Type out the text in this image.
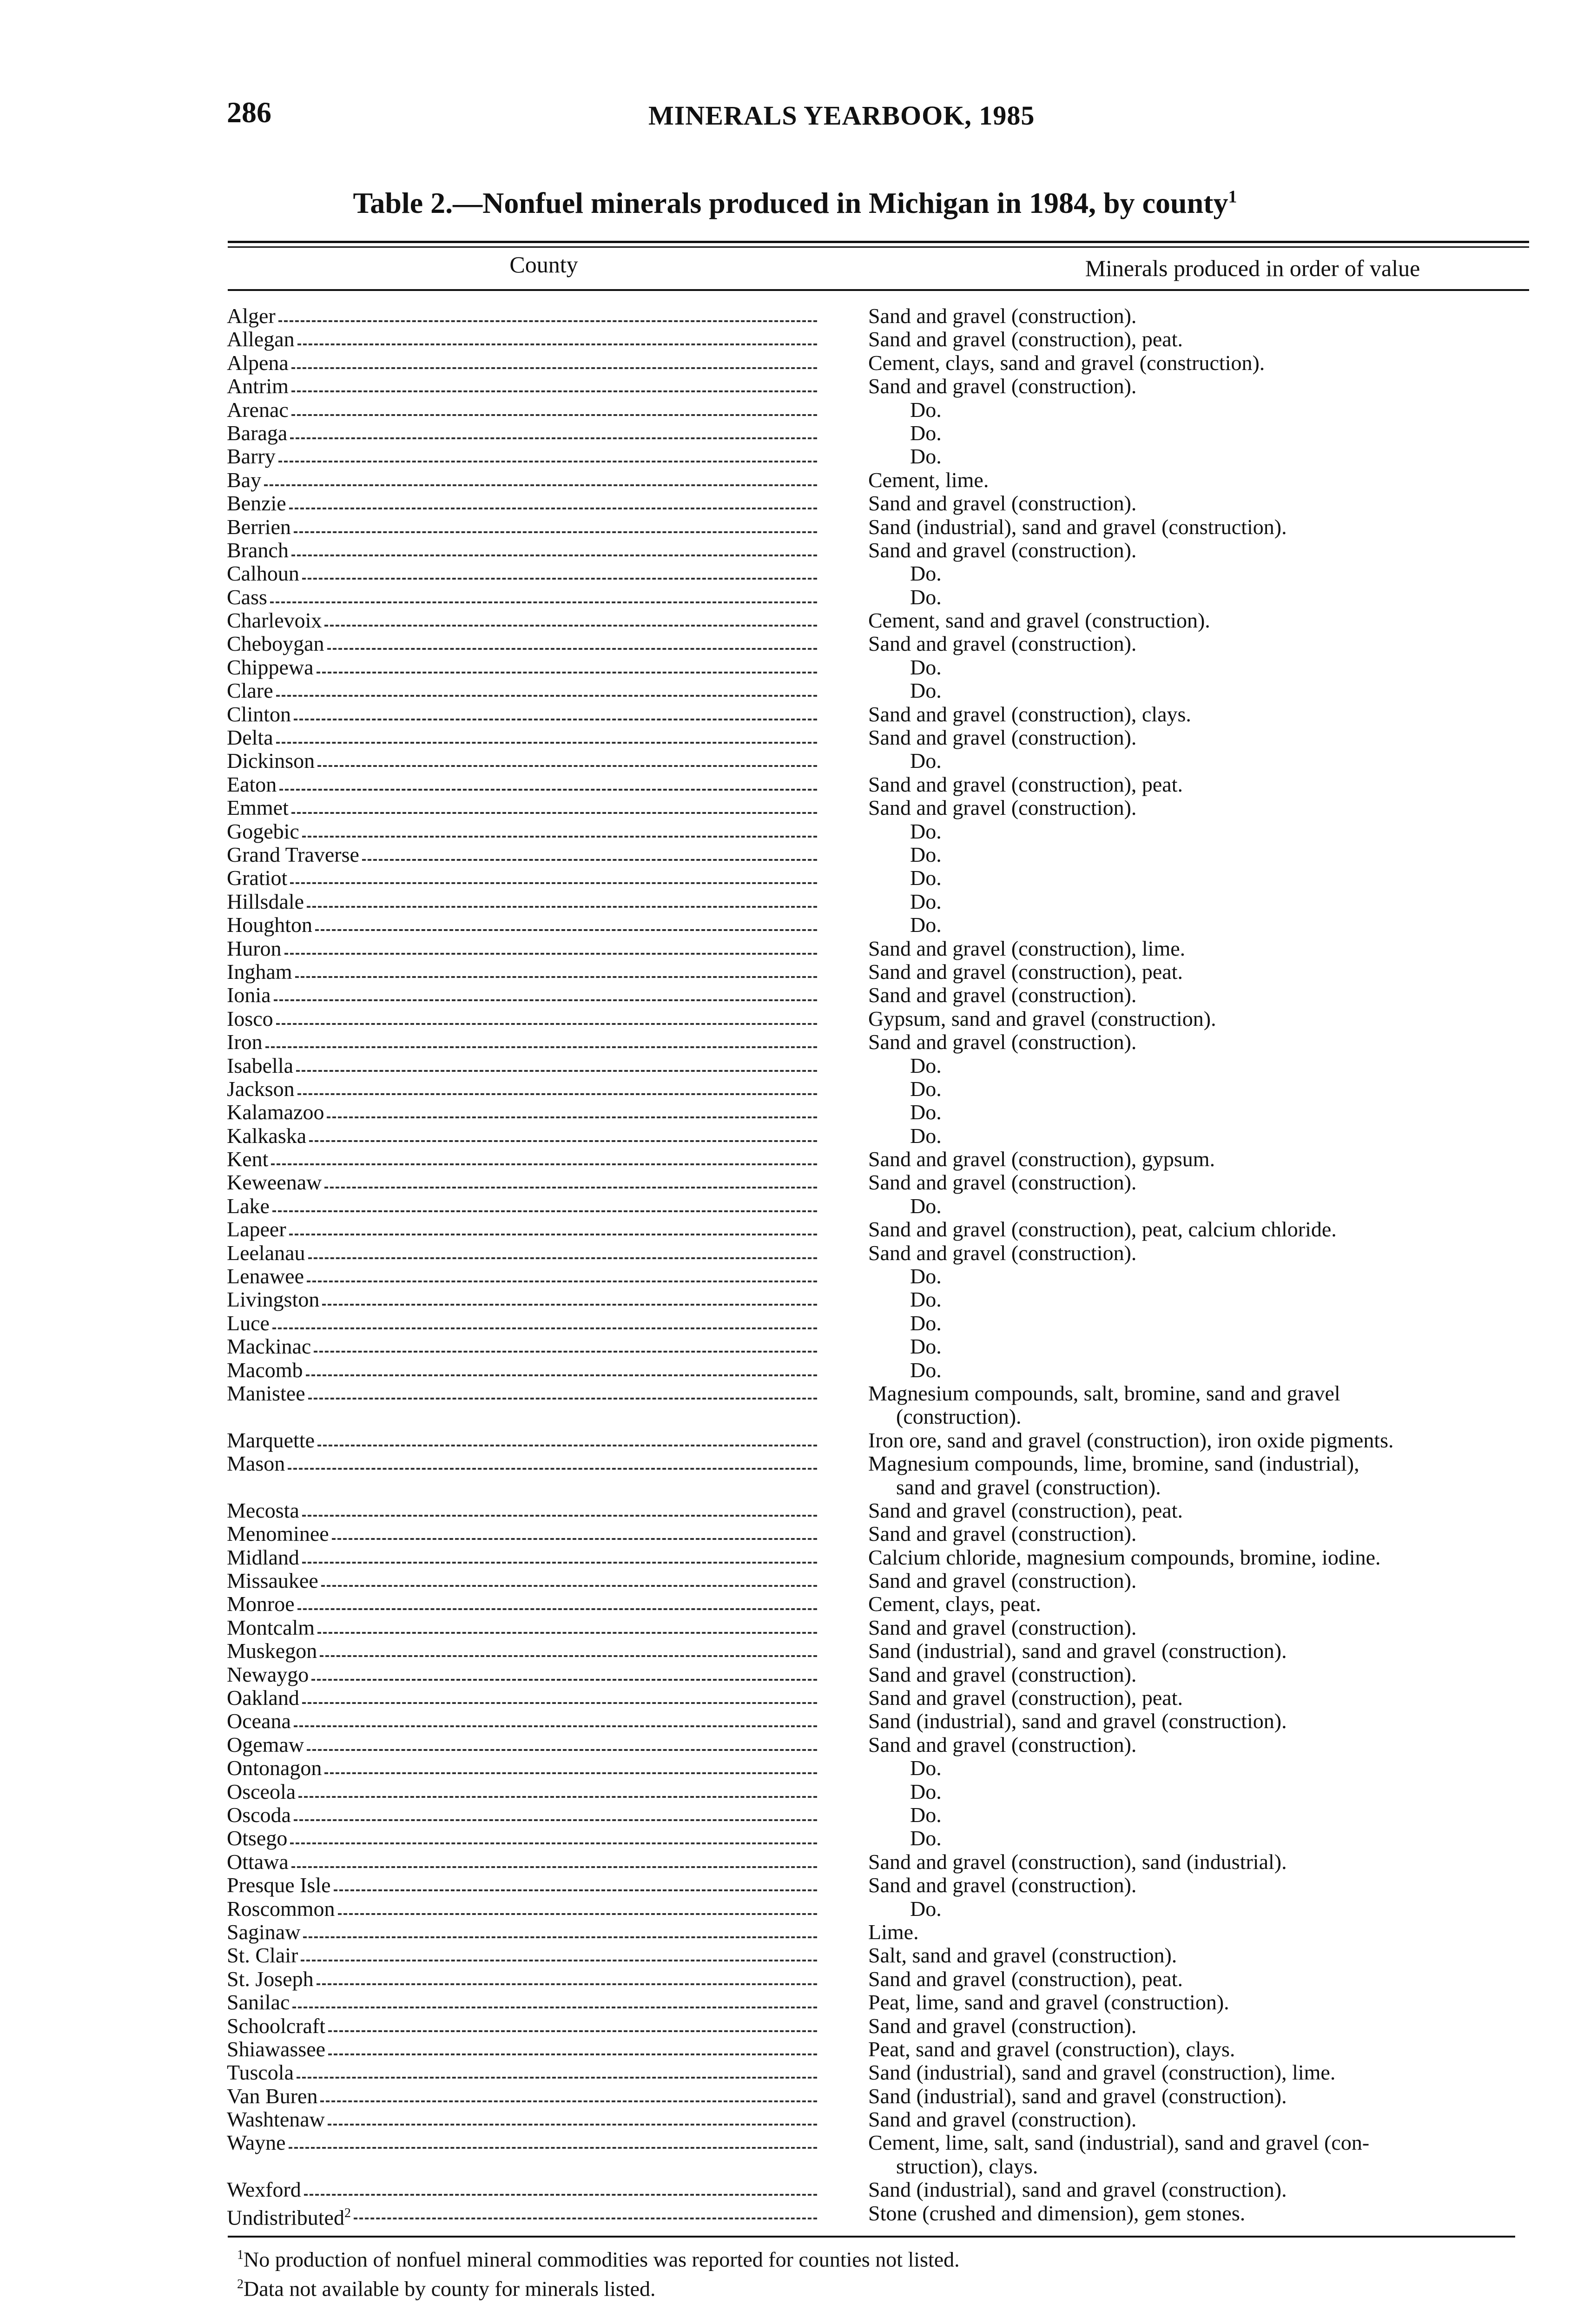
286	MINERALS YEARBOOK, 1985
Table 2.—Nonfuel minerals produced in Michigan in 1984, by county$^1$
County	Minerals produced in order of value
Alger	Sand and gravel (construction).
Allegan	Sand and gravel (construction), peat.
Alpena	Cement, clays, sand and gravel (construction).
Antrim	Sand and gravel (construction).
Arenac	Do.
Baraga	Do.
Barry	Do.
Bay	Cement, lime.
Benzie	Sand and gravel (construction).
Berrien	Sand (industrial), sand and gravel (construction).
Branch	Sand and gravel (construction).
Calhoun	Do.
Cass	Do.
Charlevoix	Cement, sand and gravel (construction).
Cheboygan	Sand and gravel (construction).
Chippewa	Do.
Clare	Do.
Clinton	Sand and gravel (construction), clays.
Delta	Sand and gravel (construction).
Dickinson	Do.
Eaton	Sand and gravel (construction), peat.
Emmet	Sand and gravel (construction).
Gogebic	Do.
Grand Traverse	Do.
Gratiot	Do.
Hillsdale	Do.
Houghton	Do.
Huron	Sand and gravel (construction), lime.
Ingham	Sand and gravel (construction), peat.
Ionia	Sand and gravel (construction).
Iosco	Gypsum, sand and gravel (construction).
Iron	Sand and gravel (construction).
Isabella	Do.
Jackson	Do.
Kalamazoo	Do.
Kalkaska	Do.
Kent	Sand and gravel (construction), gypsum.
Keweenaw	Sand and gravel (construction).
Lake	Do.
Lapeer	Sand and gravel (construction), peat, calcium chloride.
Leelanau	Sand and gravel (construction).
Lenawee	Do.
Livingston	Do.
Luce	Do.
Mackinac	Do.
Macomb	Do.
Manistee	Magnesium compounds, salt, bromine, sand and gravel
(construction).
Marquette	Iron ore, sand and gravel (construction), iron oxide pigments.
Mason	Magnesium compounds, lime, bromine, sand (industrial),
sand and gravel (construction).
Mecosta	Sand and gravel (construction), peat.
Menominee	Sand and gravel (construction).
Midland	Calcium chloride, magnesium compounds, bromine, iodine.
Missaukee	Sand and gravel (construction).
Monroe	Cement, clays, peat.
Montcalm	Sand and gravel (construction).
Muskegon	Sand (industrial), sand and gravel (construction).
Newaygo	Sand and gravel (construction).
Oakland	Sand and gravel (construction), peat.
Oceana	Sand (industrial), sand and gravel (construction).
Ogemaw	Sand and gravel (construction).
Ontonagon	Do.
Osceola	Do.
Oscoda	Do.
Otsego	Do.
Ottawa	Sand and gravel (construction), sand (industrial).
Presque Isle	Sand and gravel (construction).
Roscommon	Do.
Saginaw	Lime.
St. Clair	Salt, sand and gravel (construction).
St. Joseph	Sand and gravel (construction), peat.
Sanilac	Peat, lime, sand and gravel (construction).
Schoolcraft	Sand and gravel (construction).
Shiawassee	Peat, sand and gravel (construction), clays.
Tuscola	Sand (industrial), sand and gravel (construction), lime.
Van Buren	Sand (industrial), sand and gravel (construction).
Washtenaw	Sand and gravel (construction).
Wayne	Cement, lime, salt, sand (industrial), sand and gravel (con-
struction), clays.
Wexford	Sand (industrial), sand and gravel (construction).
Undistributed$^2$	Stone (crushed and dimension), gem stones.
$^1$No production of nonfuel mineral commodities was reported for counties not listed.
$^2$Data not available by county for minerals listed.
